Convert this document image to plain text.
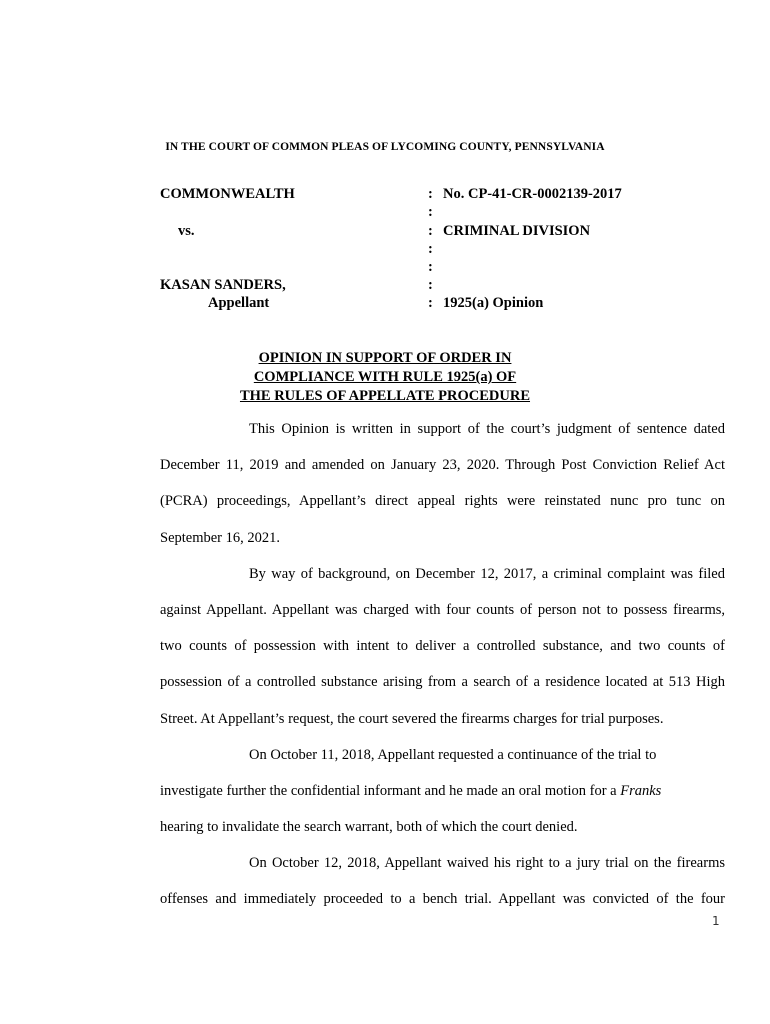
IN THE COURT OF COMMON PLEAS OF LYCOMING COUNTY, PENNSYLVANIA
COMMONWEALTH
vs.
KASAN SANDERS,
Appellant
:
:
:
:
:
:
:
No. CP-41-CR-0002139-2017
CRIMINAL DIVISION
1925(a) Opinion
OPINION IN SUPPORT OF ORDER IN
COMPLIANCE WITH RULE 1925(a) OF
THE RULES OF APPELLATE PROCEDURE
This Opinion is written in support of the court’s judgment of sentence dated
December 11, 2019 and amended on January 23, 2020. Through Post Conviction Relief Act
(PCRA) proceedings, Appellant’s direct appeal rights were reinstated nunc pro tunc on
September 16, 2021.
By way of background, on December 12, 2017, a criminal complaint was filed
against Appellant. Appellant was charged with four counts of person not to possess firearms,
two counts of possession with intent to deliver a controlled substance, and two counts of
possession of a controlled substance arising from a search of a residence located at 513 High
Street. At Appellant’s request, the court severed the firearms charges for trial purposes.
On October 11, 2018, Appellant requested a continuance of the trial to
investigate further the confidential informant and he made an oral motion for a Franks
hearing to invalidate the search warrant, both of which the court denied.
On October 12, 2018, Appellant waived his right to a jury trial on the firearms
offenses and immediately proceeded to a bench trial. Appellant was convicted of the four
1
